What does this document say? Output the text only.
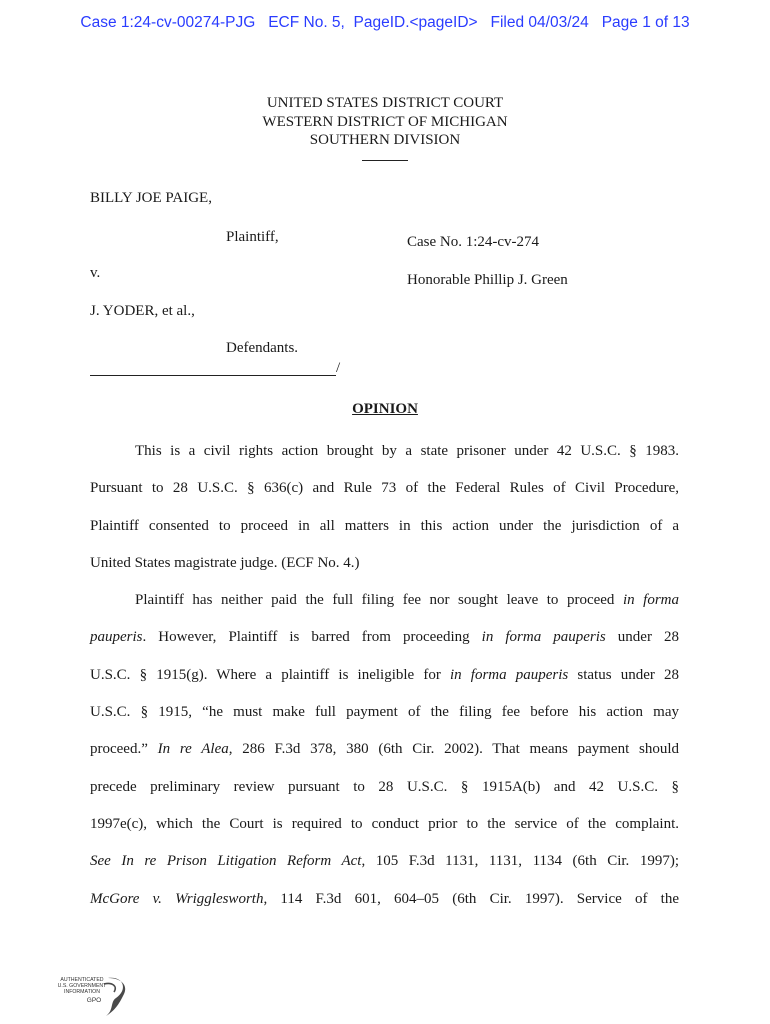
Case 1:24-cv-00274-PJG ECF No. 5, PageID.<pageID> Filed 04/03/24 Page 1 of 13
UNITED STATES DISTRICT COURT
WESTERN DISTRICT OF MICHIGAN
SOUTHERN DIVISION
BILLY JOE PAIGE,
Plaintiff,	Case No. 1:24-cv-274
v.	Honorable Phillip J. Green
J. YODER, et al.,
Defendants.
/
OPINION
This is a civil rights action brought by a state prisoner under 42 U.S.C. § 1983.
Pursuant to 28 U.S.C. § 636(c) and Rule 73 of the Federal Rules of Civil Procedure,
Plaintiff consented to proceed in all matters in this action under the jurisdiction of a
United States magistrate judge. (ECF No. 4.)
Plaintiff has neither paid the full filing fee nor sought leave to proceed in forma
pauperis. However, Plaintiff is barred from proceeding in forma pauperis under 28
U.S.C. § 1915(g). Where a plaintiff is ineligible for in forma pauperis status under 28
U.S.C. § 1915, “he must make full payment of the filing fee before his action may
proceed.” In re Alea, 286 F.3d 378, 380 (6th Cir. 2002). That means payment should
precede preliminary review pursuant to 28 U.S.C. § 1915A(b) and 42 U.S.C. §
1997e(c), which the Court is required to conduct prior to the service of the complaint.
See In re Prison Litigation Reform Act, 105 F.3d 1131, 1131, 1134 (6th Cir. 1997);
McGore v. Wrigglesworth, 114 F.3d 601, 604–05 (6th Cir. 1997). Service of the
AUTHENTICATED
U.S. GOVERNMENT
INFORMATION
GPO
